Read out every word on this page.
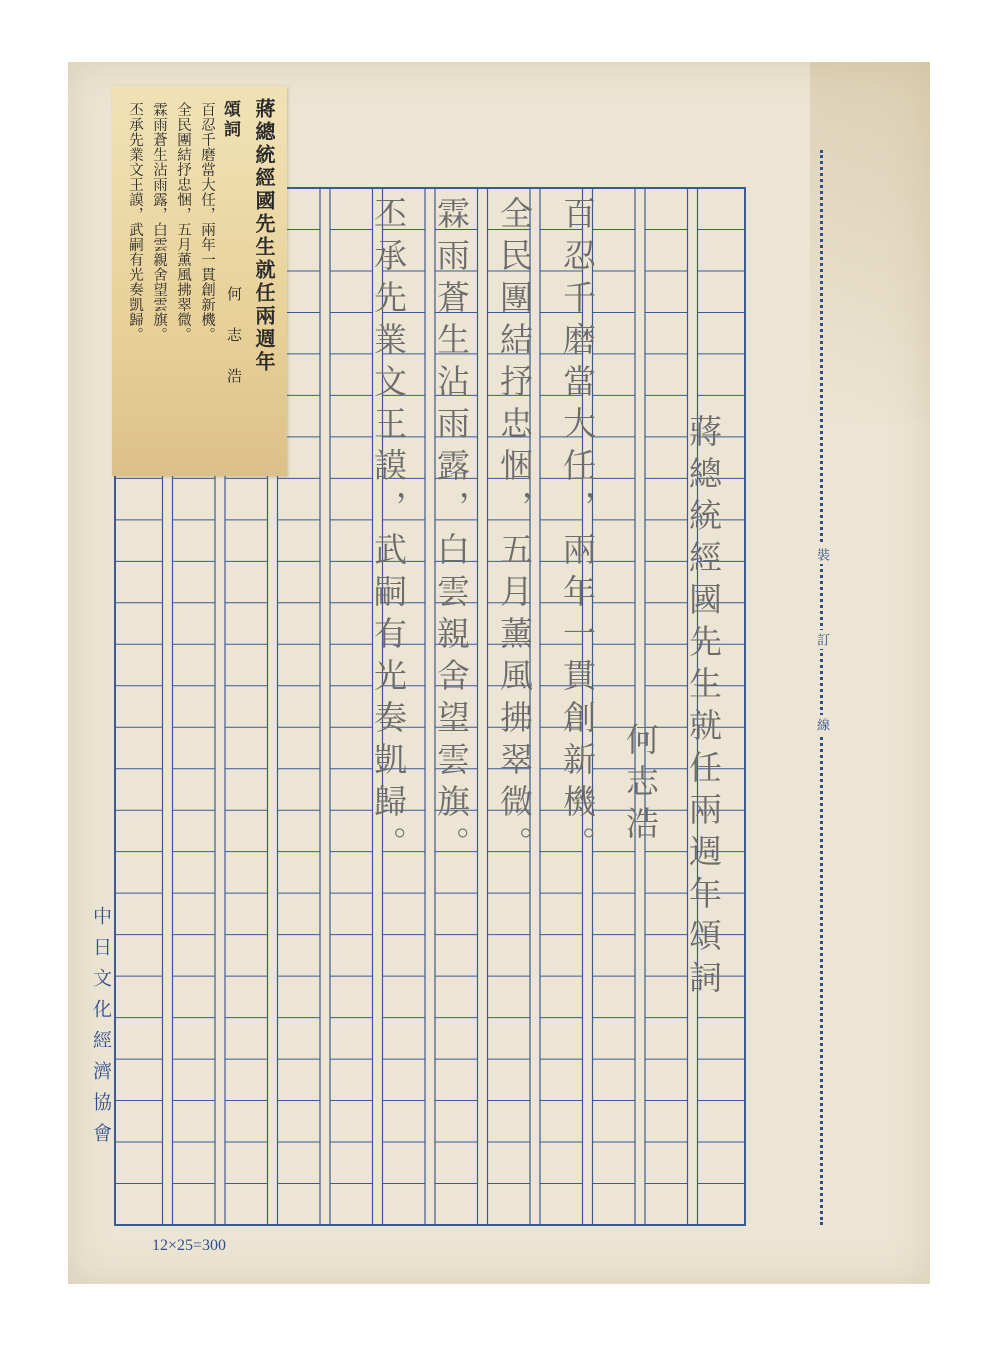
蔣總統經國先生就任兩週年頌詞
何志浩
百忍千磨當大任，兩年一貫創新機。
全民團結抒忠悃，五月薰風拂翠微。
霖雨蒼生沾雨露，白雲親舍望雲旗。
丕承先業文王謨，武嗣有光奏凱歸。
蔣總統經國先生就任兩週年
頌詞
何 志 浩
百忍千磨當大任，兩年一貫創新機。
全民團結抒忠悃，五月薰風拂翠微。
霖雨蒼生沾雨露，白雲親舍望雲旗。
丕承先業文王謨，武嗣有光奏凱歸。
裝
訂
線
中日文化經濟協會
12×25=300
